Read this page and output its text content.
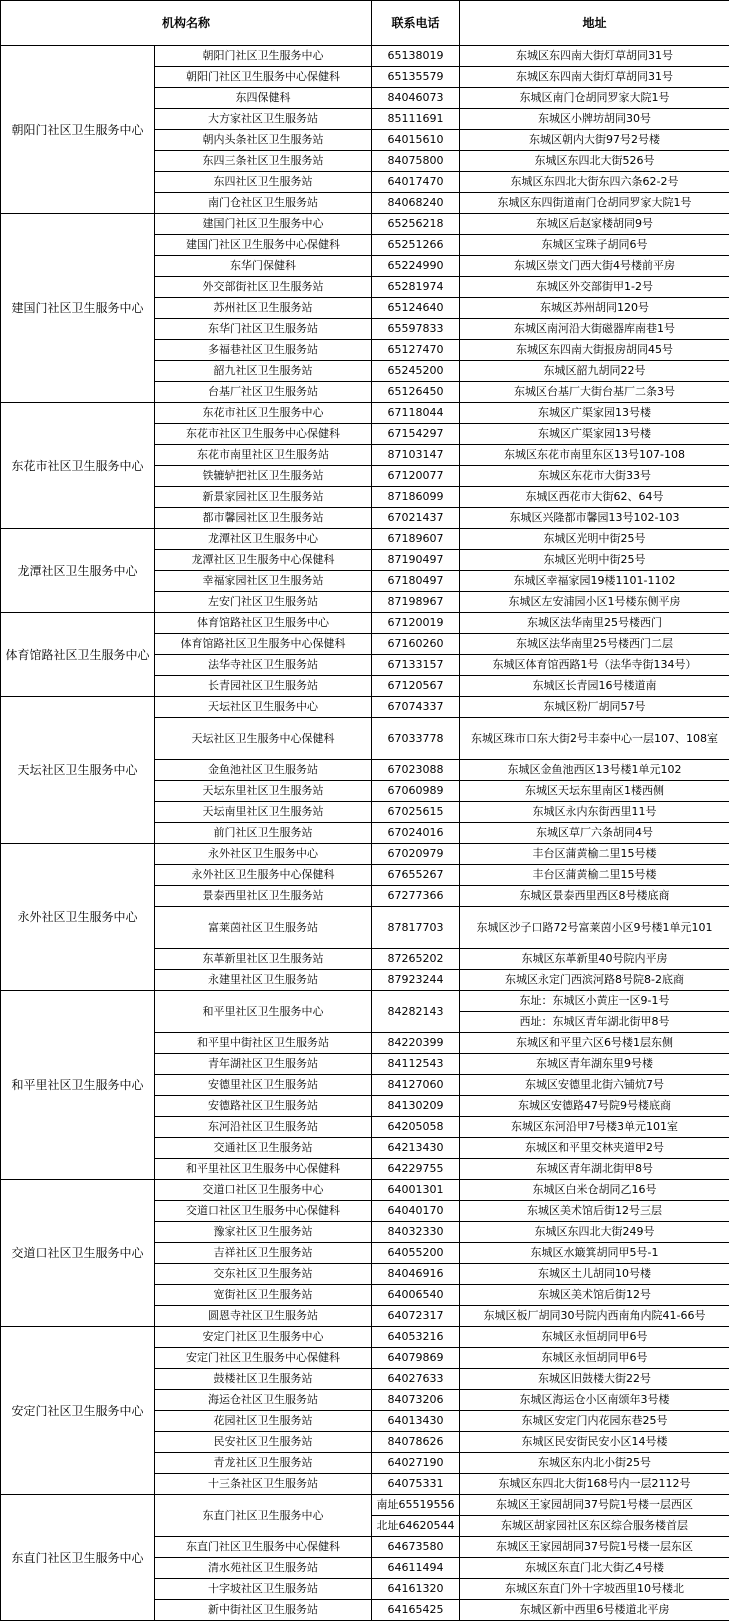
机构名称		联系电话	地址
朝阳门社区卫生服务中心	朝阳门社区卫生服务中心	65138019	东城区东四南大街灯草胡同31号
	朝阳门社区卫生服务中心保健科	65135579	东城区东四南大街灯草胡同31号
	东四保健科	84046073	东城区南门仓胡同罗家大院1号
	大方家社区卫生服务站	85111691	东城区小牌坊胡同30号
	朝内头条社区卫生服务站	64015610	东城区朝内大街97号2号楼
	东四三条社区卫生服务站	84075800	东城区东四北大街526号
	东四社区卫生服务站	64017470	东城区东四北大街东四六条62-2号
	南门仓社区卫生服务站	84068240	东城区东四街道南门仓胡同罗家大院1号
建国门社区卫生服务中心	建国门社区卫生服务中心	65256218	东城区后赵家楼胡同9号
	建国门社区卫生服务中心保健科	65251266	东城区宝珠子胡同6号
	东华门保健科	65224990	东城区崇文门西大街4号楼前平房
	外交部街社区卫生服务站	65281974	东城区外交部街甲1-2号
	苏州社区卫生服务站	65124640	东城区苏州胡同120号
	东华门社区卫生服务站	65597833	东城区南河沿大街磁器库南巷1号
	多福巷社区卫生服务站	65127470	东城区东四南大街报房胡同45号
	韶九社区卫生服务站	65245200	东城区韶九胡同22号
	台基厂社区卫生服务站	65126450	东城区台基厂大街台基厂二条3号
东花市社区卫生服务中心	东花市社区卫生服务中心	67118044	东城区广渠家园13号楼
	东花市社区卫生服务中心保健科	67154297	东城区广渠家园13号楼
	东花市南里社区卫生服务站	87103147	东城区东花市南里东区13号107-108
	铁辘轳把社区卫生服务站	67120077	东城区东花市大街33号
	新景家园社区卫生服务站	87186099	东城区西花市大街62、64号
	都市馨园社区卫生服务站	67021437	东城区兴隆都市馨园13号102-103
龙潭社区卫生服务中心	龙潭社区卫生服务中心	67189607	东城区光明中街25号
	龙潭社区卫生服务中心保健科	87190497	东城区光明中街25号
	幸福家园社区卫生服务站	67180497	东城区幸福家园19楼1101-1102
	左安门社区卫生服务站	87198967	东城区左安浦园小区1号楼东侧平房
体育馆路社区卫生服务中心	体育馆路社区卫生服务中心	67120019	东城区法华南里25号楼西门
	体育馆路社区卫生服务中心保健科	67160260	东城区法华南里25号楼西门二层
	法华寺社区卫生服务站	67133157	东城区体育馆西路1号（法华寺街134号）
	长青园社区卫生服务站	67120567	东城区长青园16号楼道南
天坛社区卫生服务中心	天坛社区卫生服务中心	67074337	东城区粉厂胡同57号
	天坛社区卫生服务中心保健科	67033778	东城区珠市口东大街2号丰泰中心一层107、108室
	金鱼池社区卫生服务站	67023088	东城区金鱼池西区13号楼1单元102
	天坛东里社区卫生服务站	67060989	东城区天坛东里南区1楼西侧
	天坛南里社区卫生服务站	67025615	东城区永内东街西里11号
	前门社区卫生服务站	67024016	东城区草厂六条胡同4号
永外社区卫生服务中心	永外社区卫生服务中心	67020979	丰台区蒲黄榆二里15号楼
	永外社区卫生服务中心保健科	67655267	丰台区蒲黄榆二里15号楼
	景泰西里社区卫生服务站	67277366	东城区景泰西里西区8号楼底商
	富莱茵社区卫生服务站	87817703	东城区沙子口路72号富莱茵小区9号楼1单元101
	东革新里社区卫生服务站	87265202	东城区东革新里40号院内平房
	永建里社区卫生服务站	87923244	东城区永定门西滨河路8号院8-2底商
和平里社区卫生服务中心	和平里社区卫生服务中心	84282143	东址：东城区小黄庄一区9-1号
			西址：东城区青年湖北街甲8号
	和平里中街社区卫生服务站	84220399	东城区和平里六区6号楼1层东侧
	青年湖社区卫生服务站	84112543	东城区青年湖东里9号楼
	安德里社区卫生服务站	84127060	东城区安德里北街六铺炕7号
	安德路社区卫生服务站	84130209	东城区安德路47号院9号楼底商
	东河沿社区卫生服务站	64205058	东城区东河沿甲7号楼3单元101室
	交通社区卫生服务站	64213430	东城区和平里交林夹道甲2号
	和平里社区卫生服务中心保健科	64229755	东城区青年湖北街甲8号
交道口社区卫生服务中心	交道口社区卫生服务中心	64001301	东城区白米仓胡同乙16号
	交道口社区卫生服务中心保健科	64040170	东城区美术馆后街12号三层
	豫家社区卫生服务站	84032330	东城区东四北大街249号
	吉祥社区卫生服务站	64055200	东城区水簸箕胡同甲5号-1
	交东社区卫生服务站	84046916	东城区土儿胡同10号楼
	宽街社区卫生服务站	64006540	东城区美术馆后街12号
	圆恩寺社区卫生服务站	64072317	东城区板厂胡同30号院内西南角内院41-66号
安定门社区卫生服务中心	安定门社区卫生服务中心	64053216	东城区永恒胡同甲6号
	安定门社区卫生服务中心保健科	64079869	东城区永恒胡同甲6号
	鼓楼社区卫生服务站	64027633	东城区旧鼓楼大街22号
	海运仓社区卫生服务站	84073206	东城区海运仓小区南颂年3号楼
	花园社区卫生服务站	64013430	东城区安定门内花园东巷25号
	民安社区卫生服务站	84078626	东城区民安街民安小区14号楼
	青龙社区卫生服务站	64027190	东城区东内北小街25号
	十三条社区卫生服务站	64075331	东城区东四北大街168号内一层2112号
东直门社区卫生服务中心	东直门社区卫生服务中心	南址65519556	东城区王家园胡同37号院1号楼一层西区
		北址64620544	东城区胡家园社区东区综合服务楼首层
	东直门社区卫生服务中心保健科	64673580	东城区王家园胡同37号院1号楼一层东区
	清水苑社区卫生服务站	64611494	东城区东直门北大街乙4号楼
	十字坡社区卫生服务站	64161320	东城区东直门外十字坡西里10号楼北
	新中街社区卫生服务站	64165425	东城区新中西里6号楼道北平房
